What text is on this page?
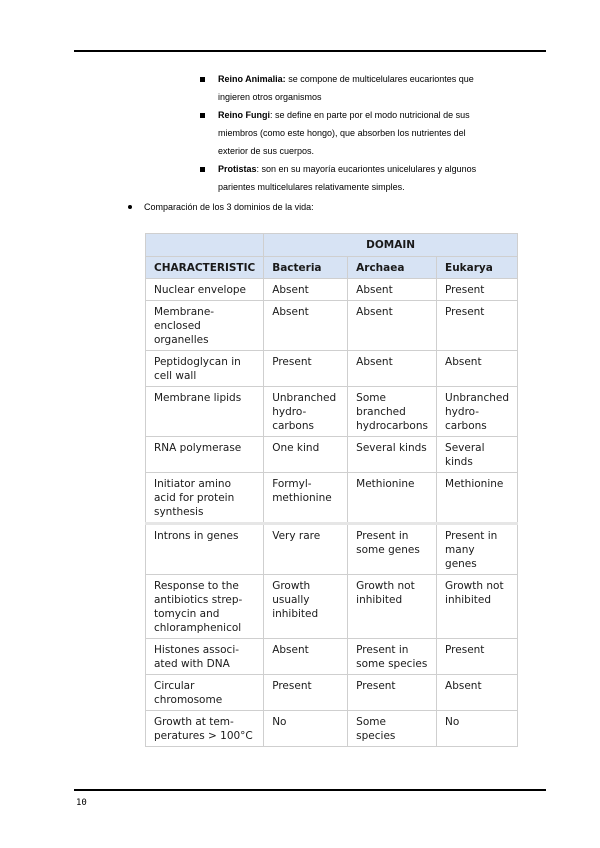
Reino Animalia: se compone de multicelulares eucariontes que
ingieren otros organismos
Reino Fungi: se define en parte por el modo nutricional de sus
miembros (como este hongo), que absorben los nutrientes del
exterior de sus cuerpos.
Protistas: son en su mayoría eucariontes unicelulares y algunos
parientes multicelulares relativamente simples.
Comparación de los 3 dominios de la vida:
	DOMAIN		
CHARACTERISTIC	Bacteria	Archaea	Eukarya
Nuclear envelope	Absent	Absent	Present
Membrane-enclosed organelles	Absent	Absent	Present
Peptidoglycan in cell wall	Present	Absent	Absent
Membrane lipids	Unbranched hydro-carbons	Some branched hydrocarbons	Unbranched hydro-carbons
RNA polymerase	One kind	Several kinds	Several kinds
Initiator amino acid for protein synthesis	Formyl-methionine	Methionine	Methionine
Introns in genes	Very rare	Present in some genes	Present in many genes
Response to the antibiotics strep-tomycin and chloramphenicol	Growth usually inhibited	Growth not inhibited	Growth not inhibited
Histones associ-ated with DNA	Absent	Present in some species	Present
Circular chromosome	Present	Present	Absent
Growth at tem-peratures > 100°C	No	Some species	No
10
